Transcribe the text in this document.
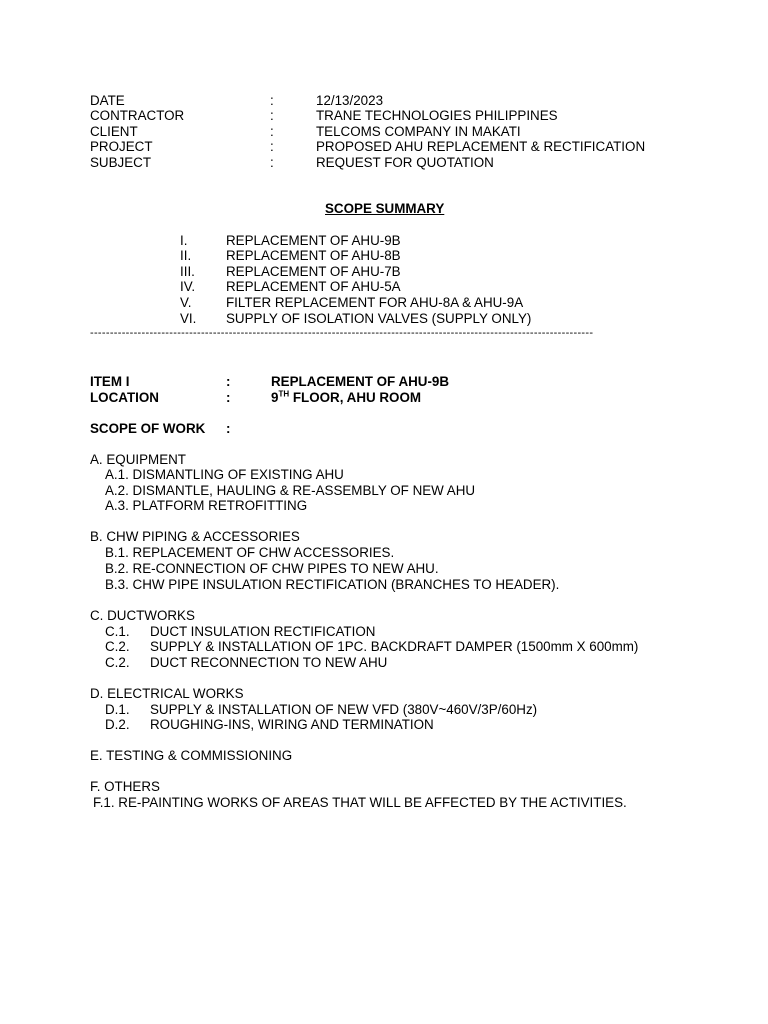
DATE	:	12/13/2023
CONTRACTOR	:	TRANE TECHNOLOGIES PHILIPPINES
CLIENT	:	TELCOMS COMPANY IN MAKATI
PROJECT	:	PROPOSED AHU REPLACEMENT & RECTIFICATION
SUBJECT	:	REQUEST FOR QUOTATION
SCOPE SUMMARY
I.	REPLACEMENT OF AHU-9B
II.	REPLACEMENT OF AHU-8B
III. REPLACEMENT OF AHU-7B
IV. REPLACEMENT OF AHU-5A
V.	FILTER REPLACEMENT FOR AHU-8A & AHU-9A
VI. SUPPLY OF ISOLATION VALVES (SUPPLY ONLY)
-------------------------------------------------------------------------------------------------------------------------------
ITEM I	:	REPLACEMENT OF AHU-9B
LOCATION	:	9TH FLOOR, AHU ROOM
SCOPE OF WORK :
A. EQUIPMENT
A.1. DISMANTLING OF EXISTING AHU
A.2. DISMANTLE, HAULING & RE-ASSEMBLY OF NEW AHU
A.3. PLATFORM RETROFITTING
B. CHW PIPING & ACCESSORIES
B.1. REPLACEMENT OF CHW ACCESSORIES.
B.2. RE-CONNECTION OF CHW PIPES TO NEW AHU.
B.3. CHW PIPE INSULATION RECTIFICATION (BRANCHES TO HEADER).
C. DUCTWORKS
C.1. DUCT INSULATION RECTIFICATION
C.2. SUPPLY & INSTALLATION OF 1PC. BACKDRAFT DAMPER (1500mm X 600mm)
C.2. DUCT RECONNECTION TO NEW AHU
D. ELECTRICAL WORKS
D.1. SUPPLY & INSTALLATION OF NEW VFD (380V~460V/3P/60Hz)
D.2. ROUGHING-INS, WIRING AND TERMINATION
E. TESTING & COMMISSIONING
F. OTHERS
F.1. RE-PAINTING WORKS OF AREAS THAT WILL BE AFFECTED BY THE ACTIVITIES.
